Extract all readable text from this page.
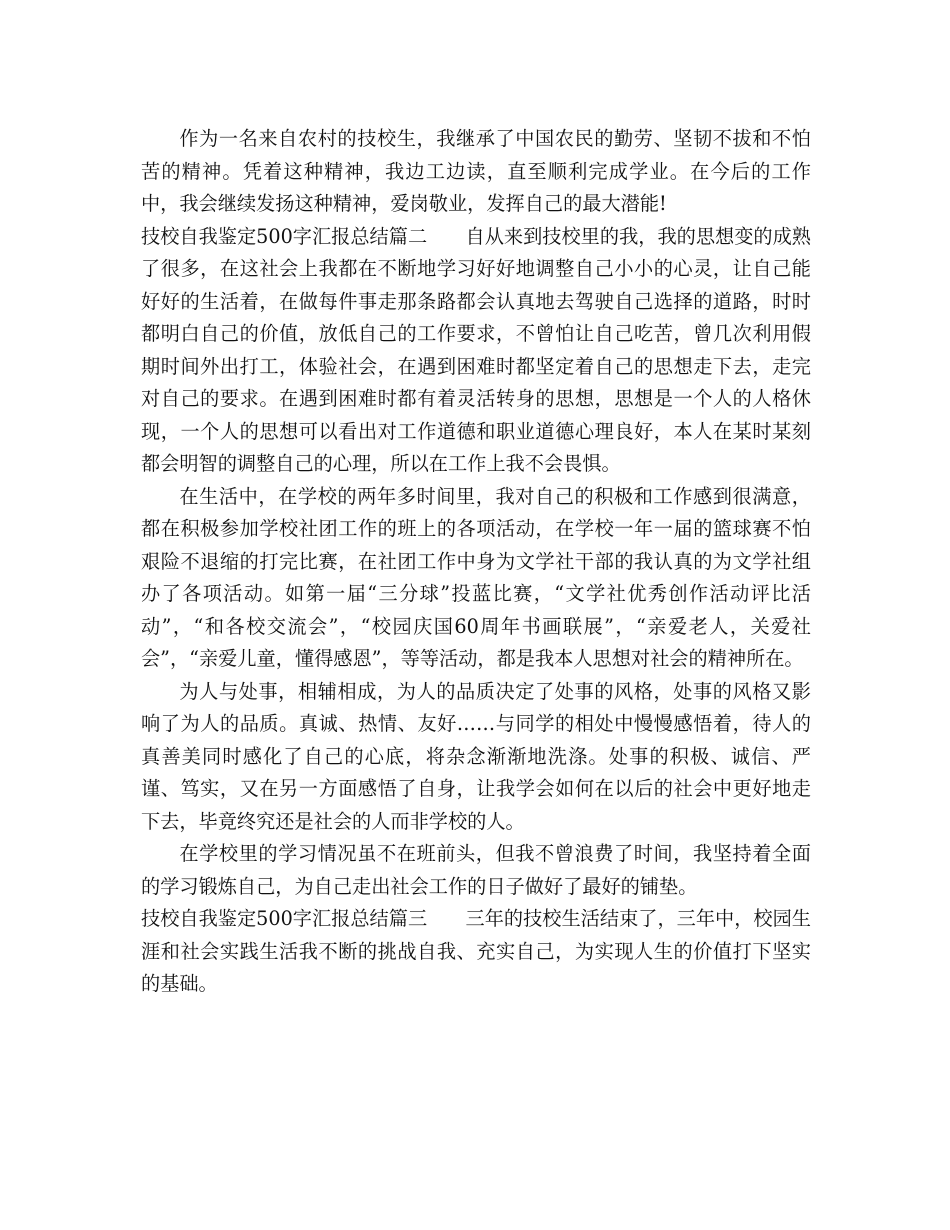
作为一名来自农村的技校生，我继承了中国农民的勤劳、坚韧不拔和不怕苦的精神。凭着这种精神，我边工边读，直至顺利完成学业。在今后的工作中，我会继续发扬这种精神，爱岗敬业，发挥自己的最大潜能!

技校自我鉴定500字汇报总结篇二　　自从来到技校里的我，我的思想变的成熟了很多，在这社会上我都在不断地学习好好地调整自己小小的心灵，让自己能好好的生活着，在做每件事走那条路都会认真地去驾驶自己选择的道路，时时都明白自己的价值，放低自己的工作要求，不曾怕让自己吃苦，曾几次利用假期时间外出打工，体验社会，在遇到困难时都坚定着自己的思想走下去，走完对自己的要求。在遇到困难时都有着灵活转身的思想，思想是一个人的人格休现，一个人的思想可以看出对工作道德和职业道德心理良好，本人在某时某刻都会明智的调整自己的心理，所以在工作上我不会畏惧。

在生活中，在学校的两年多时间里，我对自己的积极和工作感到很满意，都在积极参加学校社团工作的班上的各项活动，在学校一年一届的篮球赛不怕艰险不退缩的打完比赛，在社团工作中身为文学社干部的我认真的为文学社组办了各项活动。如第一届“三分球”投蓝比赛，“文学社优秀创作活动评比活动”，“和各校交流会”，“校园庆国60周年书画联展”，“亲爱老人，关爱社会”，“亲爱儿童，懂得感恩”，等等活动，都是我本人思想对社会的精神所在。

为人与处事，相辅相成，为人的品质决定了处事的风格，处事的风格又影响了为人的品质。真诚、热情、友好……与同学的相处中慢慢感悟着，待人的真善美同时感化了自己的心底，将杂念渐渐地洗涤。处事的积极、诚信、严谨、笃实，又在另一方面感悟了自身，让我学会如何在以后的社会中更好地走下去，毕竟终究还是社会的人而非学校的人。

在学校里的学习情况虽不在班前头，但我不曾浪费了时间，我坚持着全面的学习锻炼自己，为自己走出社会工作的日子做好了最好的铺垫。

技校自我鉴定500字汇报总结篇三　　三年的技校生活结束了，三年中，校园生涯和社会实践生活我不断的挑战自我、充实自己，为实现人生的价值打下坚实的基础。
